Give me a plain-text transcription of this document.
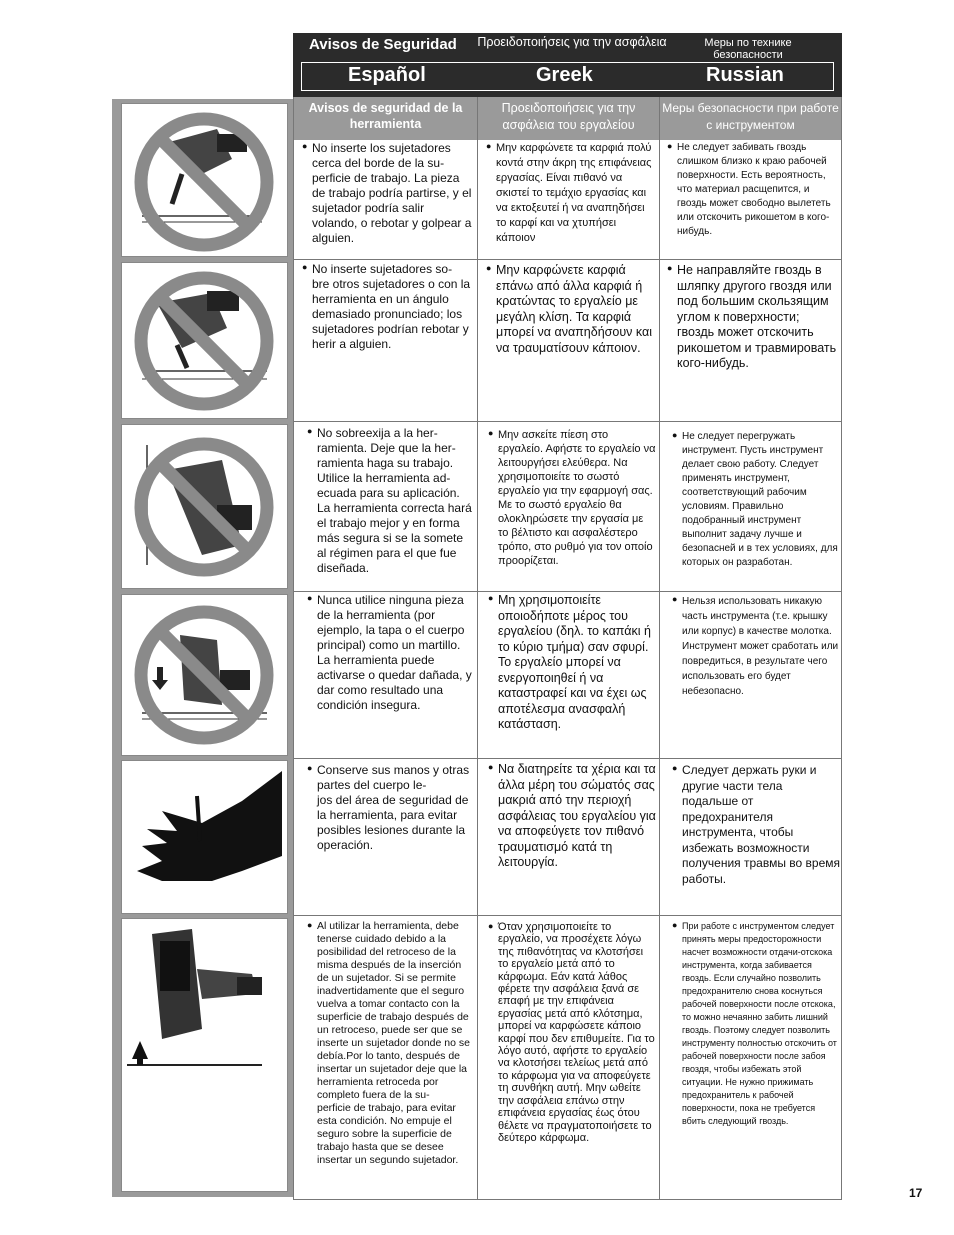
Avisos de Seguridad Προειδοποιήσεις για την ασφάλεια	Меры по технике безопасности
Español	Greek	Russian
Avisos de seguridad de la herramienta
Προειδοποιήσεις για την ασφάλεια του εργαλείου
Меры безопасности при работе с инструментом
● No inserte los sujetadores cerca del borde de la su-
perficie de trabajo. La pieza de trabajo podría partirse, y el sujetador podría salir volando, o rebotar y golpear a alguien.
● Μην καρφώνετε τα καρφιά πολύ κοντά στην άκρη της επιφάνειας εργασίας. Είναι πιθανό να σκιστεί το τεμάχιο εργασίας και να εκτοξευτεί ή να αναπηδήσει το καρφί και να χτυπήσει κάποιον
● Не следует забивать гвоздь слишком близко к краю рабочей поверхности. Есть вероятность, что материал расщепится, и гвоздь может свободно вылететь или отскочить рикошетом в кого-нибудь.
● No inserte sujetadores so-
bre otros sujetadores o con la herramienta en un ángulo demasiado pronunciado; los sujetadores podrían rebotar y herir a alguien.
● Μην καρφώνετε καρφιά επάνω από άλλα καρφιά ή κρατώντας το εργαλείο με μεγάλη κλίση. Τα καρφιά μπορεί να αναπηδήσουν και να τραυματίσουν κάποιον.
● Не направляйте гвоздь в шляпку другого гвоздя или под большим скользящим углом к поверхности; гвоздь может отскочить рикошетом и травмировать кого-нибудь.
● No sobreexija a la her-
ramienta. Deje que la her-
ramienta haga su trabajo. Utilice la herramienta ad-
ecuada para su aplicación. La herramienta correcta hará el trabajo mejor y en forma más segura si se la somete al régimen para el que fue diseñada.
● Μην ασκείτε πίεση στο εργαλείο. Αφήστε το εργαλείο να λειτουργήσει ελεύθερα. Να χρησιμοποιείτε το σωστό εργαλείο για την εφαρμογή σας. Με το σωστό εργαλείο θα ολοκληρώσετε την εργασία με το βέλτιστο και ασφαλέστερο τρόπο, στο ρυθμό για τον οποίο προορίζεται.
● Не следует перегружать инструмент. Пусть инструмент делает свою работу. Следует применять инструмент, соответствующий рабочим условиям. Правильно подобранный инструмент выполнит задачу лучше и безопасней и в тех условиях, для которых он разработан.
● Nunca utilice ninguna pieza de la herramienta (por ejemplo, la tapa o el cuerpo principal) como un martillo. La herramienta puede activarse o quedar dañada, y dar como resultado una condición insegura.
● Μη χρησιμοποιείτε οποιοδήποτε μέρος του εργαλείου (δηλ. το καπάκι ή το κύριο τμήμα) σαν σφυρί. Το εργαλείο μπορεί να ενεργοποιηθεί ή να καταστραφεί και να έχει ως αποτέλεσμα ανασφαλή κατάσταση.
● Нельзя использовать никакую часть инструмента (т.е. крышку или корпус) в качестве молотка. Инструмент может сработать или повредиться, в результате чего использовать его будет небезопасно.
● Conserve sus manos y otras partes del cuerpo le-
jos del área de seguridad de la herramienta, para evitar posibles lesiones durante la operación.
● Να διατηρείτε τα χέρια και τα άλλα μέρη του σώματός σας μακριά από την περιοχή ασφάλειας του εργαλείου για να αποφεύγετε τον πιθανό τραυματισμό κατά τη λειτουργία.
● Следует держать руки и другие части тела подальше от предохранителя инструмента, чтобы избежать возможности получения травмы во время работы.
● Al utilizar la herramienta, debe tenerse cuidado debido a la posibilidad del retroceso de la misma después de la inserción de un sujetador. Si se permite inadvertidamente que el seguro vuelva a tomar contacto con la superficie de trabajo después de un retroceso, puede ser que se inserte un sujetador donde no se debía.Por lo tanto, después de insertar un sujetador deje que la herramienta retroceda por completo fuera de la su-
perficie de trabajo, para evitar esta condición. No empuje el seguro sobre la superficie de trabajo hasta que se desee insertar un segundo sujetador.
● Όταν χρησιμοποιείτε το εργαλείο, να προσέχετε λόγω της πιθανότητας να κλοτσήσει το εργαλείο μετά από το κάρφωμα. Εάν κατά λάθος φέρετε την ασφάλεια ξανά σε επαφή με την επιφάνεια εργασίας μετά από κλότσημα, μπορεί να καρφώσετε κάποιο καρφί που δεν επιθυμείτε. Για το λόγο αυτό, αφήστε το εργαλείο να κλοτσήσει τελείως μετά από το κάρφωμα για να αποφεύγετε τη συνθήκη αυτή. Μην ωθείτε την ασφάλεια επάνω στην επιφάνεια εργασίας έως ότου θέλετε να πραγματοποιήσετε το δεύτερο κάρφωμα.
● При работе с инструментом следует принять меры предосторожности насчет возможности отдачи-отскока инструмента, когда забивается гвоздь. Если случайно позволить предохранителю снова коснуться рабочей поверхности после отскока, то можно нечаянно забить лишний гвоздь. Поэтому следует позволить инструменту полностью отскочить от рабочей поверхности после забоя гвоздя, чтобы избежать этой ситуации. Не нужно прижимать предохранитель к рабочей поверхности, пока не требуется вбить следующий гвоздь.
17
